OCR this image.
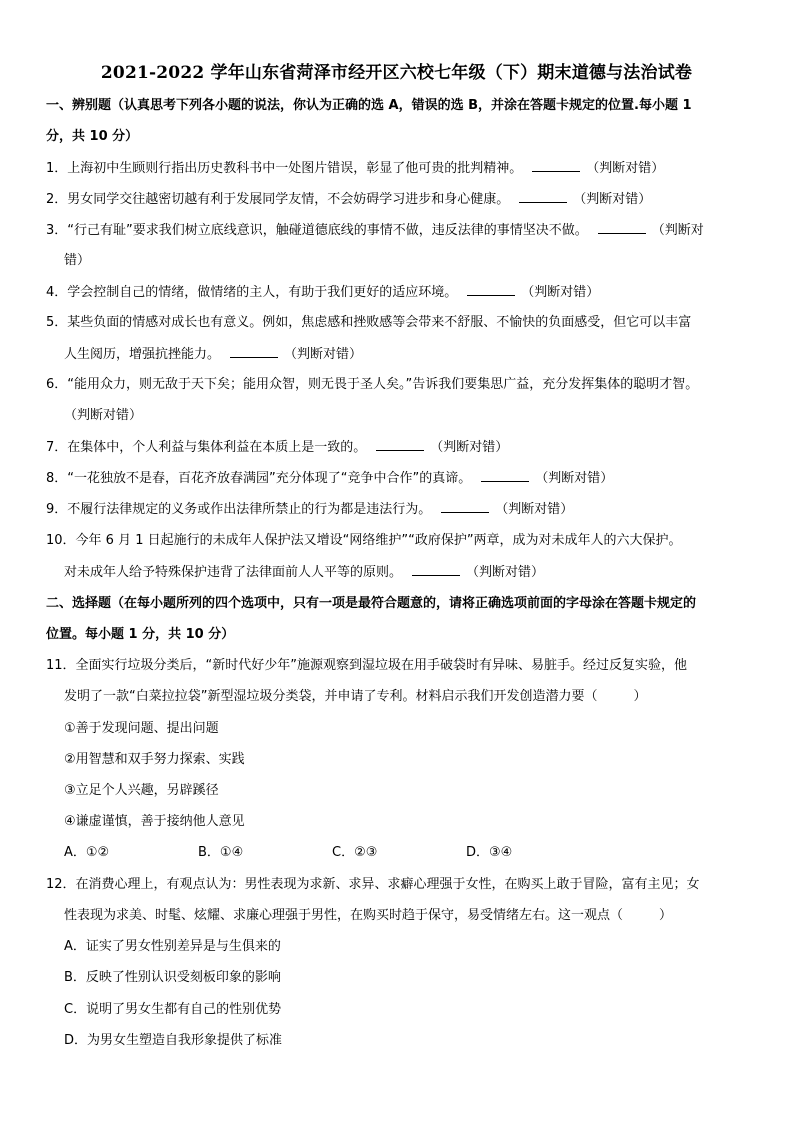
2021-2022 学年山东省菏泽市经开区六校七年级（下）期末道德与法治试卷
一、辨别题（认真思考下列各小题的说法，你认为正确的选 A，错误的选 B，并涂在答题卡规定的位置.每小题 1
分，共 10 分）
1．上海初中生顾则行指出历史教科书中一处图片错误，彰显了他可贵的批判精神。	（判断对错）
2．男女同学交往越密切越有利于发展同学友情，不会妨碍学习进步和身心健康。	（判断对错）
3．“行己有耻”要求我们树立底线意识，触碰道德底线的事情不做，违反法律的事情坚决不做。	（判断对
错）
4．学会控制自己的情绪，做情绪的主人，有助于我们更好的适应环境。	（判断对错）
5．某些负面的情感对成长也有意义。例如，焦虑感和挫败感等会带来不舒服、不愉快的负面感受，但它可以丰富
人生阅历，增强抗挫能力。	（判断对错）
6．“能用众力，则无敌于天下矣；能用众智，则无畏于圣人矣。”告诉我们要集思广益，充分发挥集体的聪明才智。
（判断对错）
7．在集体中，个人利益与集体利益在本质上是一致的。	（判断对错）
8．“一花独放不是春，百花齐放春满园”充分体现了“竞争中合作”的真谛。	（判断对错）
9．不履行法律规定的义务或作出法律所禁止的行为都是违法行为。	（判断对错）
10．今年 6 月 1 日起施行的未成年人保护法又增设“网络维护”“政府保护”两章，成为对未成年人的六大保护。
对未成年人给予特殊保护违背了法律面前人人平等的原则。	（判断对错）
二、选择题（在每小题所列的四个选项中，只有一项是最符合题意的，请将正确选项前面的字母涂在答题卡规定的
位置。每小题 1 分，共 10 分）
11．全面实行垃圾分类后，“新时代好少年”施源观察到湿垃圾在用手破袋时有异味、易脏手。经过反复实验，他
发明了一款“白菜拉拉袋”新型湿垃圾分类袋，并申请了专利。材料启示我们开发创造潜力要（	）
①善于发现问题、提出问题
②用智慧和双手努力探索、实践
③立足个人兴趣，另辟蹊径
④谦虚谨慎，善于接纳他人意见
A．①②	B．①④	C．②③	D．③④
12．在消费心理上，有观点认为：男性表现为求新、求异、求癖心理强于女性，在购买上敢于冒险，富有主见；女
性表现为求美、时髦、炫耀、求廉心理强于男性，在购买时趋于保守，易受情绪左右。这一观点（	）
A．证实了男女性别差异是与生俱来的
B．反映了性别认识受刻板印象的影响
C．说明了男女生都有自己的性别优势
D．为男女生塑造自我形象提供了标准
